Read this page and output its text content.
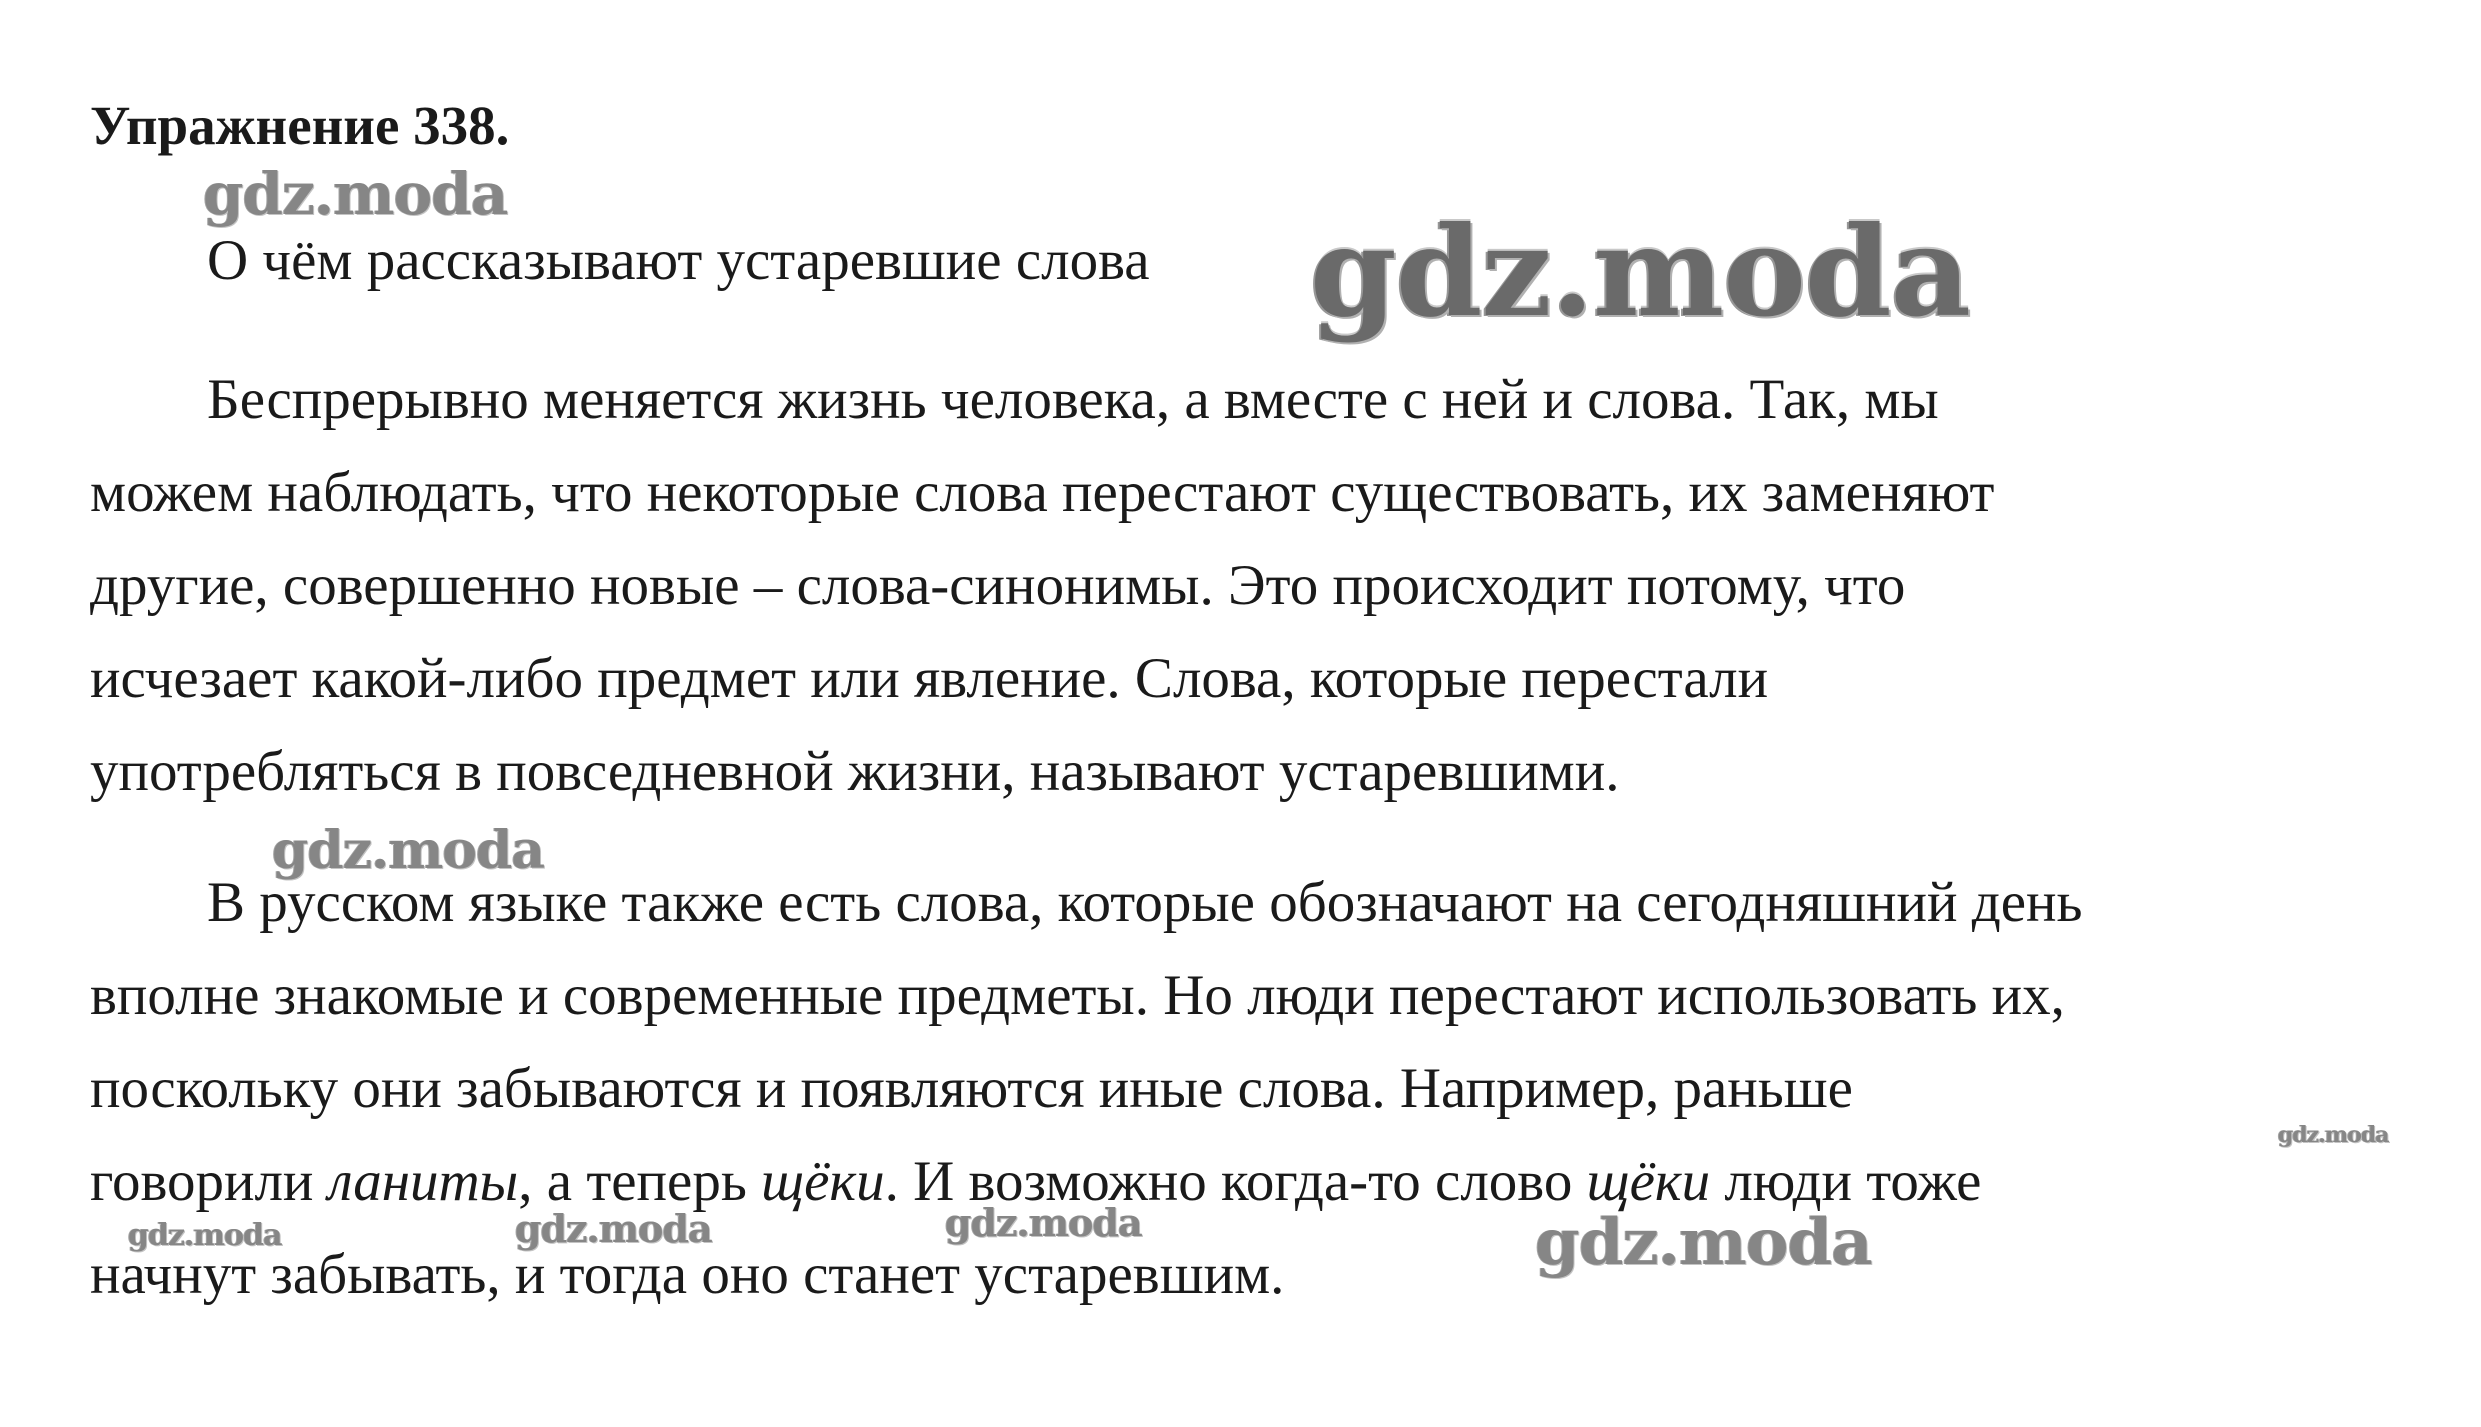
Упражнение 338.
gdz.moda

О чём рассказывают устаревшие слова gdz.moda
Беспрерывно меняется жизнь человека, а вместе с ней и слова. Так, мы
можем наблюдать, что некоторые слова перестают существовать, их заменяют
другие, совершенно новые – слова-синонимы. Это происходит потому, что
исчезает какой-либо предмет или явление. Слова, которые перестали
употребляться в повседневной жизни, называют устаревшими.
gdz.moda
В русском языке также есть слова, которые обозначают на сегодняшний день
вполне знакомые и современные предметы. Но люди перестают использовать их,
поскольку они забываются и появляются иные слова. Например, раньше
говорили ланиты, а теперь щёки. И возможно когда-то слово щёки люди тоже
начнут забывать, и тогда оно станет устаревшим.
gdz.moda
gdz.moda	gdz.moda	gdz.moda	gdz.moda
